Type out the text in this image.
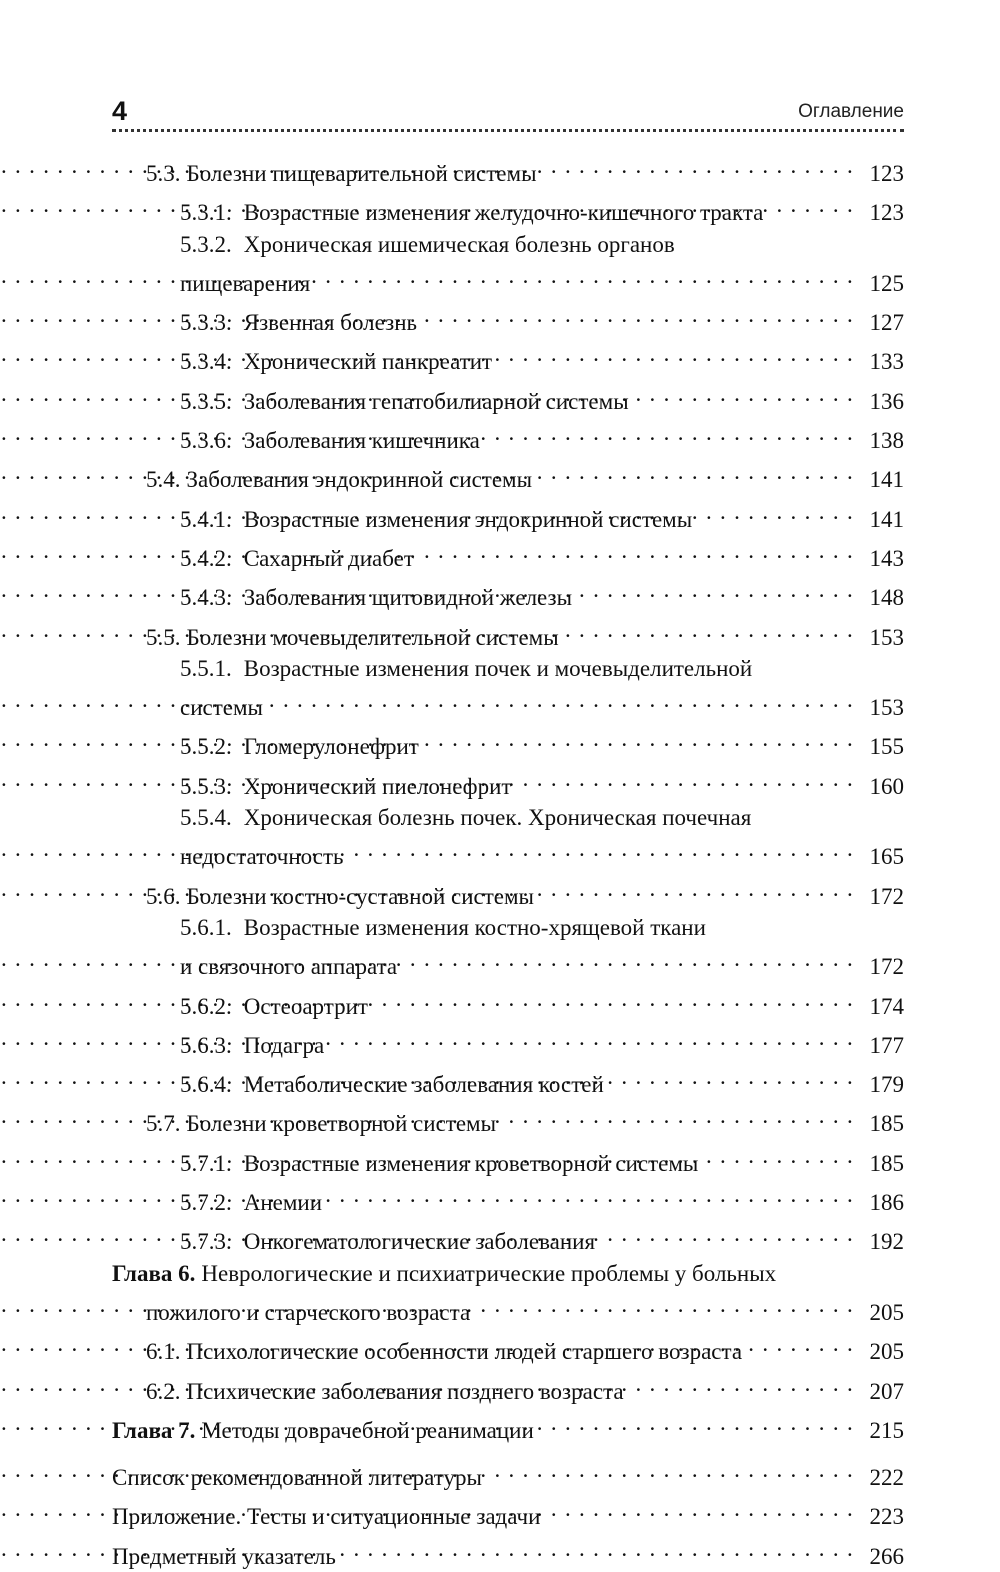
4	Оглавление
5.3. Болезни пищеварительной системы . . .	123
5.3.1. Возрастные изменения желудочно-кишечного тракта . . .	123
5.3.2. Хроническая ишемическая болезнь органов
пищеварения . . .	125
5.3.3. Язвенная болезнь . . .	127
5.3.4. Хронический панкреатит . . .	133
5.3.5. Заболевания гепатобилиарной системы . . .	136
5.3.6. Заболевания кишечника . . .	138
5.4. Заболевания эндокринной системы . . .	141
5.4.1. Возрастные изменения эндокринной системы . . .	141
5.4.2. Сахарный диабет . . .	143
5.4.3. Заболевания щитовидной железы . . .	148
5.5. Болезни мочевыделительной системы . . .	153
5.5.1. Возрастные изменения почек и мочевыделительной
системы . . .	153
5.5.2. Гломерулонефрит . . .	155
5.5.3. Хронический пиелонефрит . . .	160
5.5.4. Хроническая болезнь почек. Хроническая почечная
недостаточность . . .	165
5.6. Болезни костно-суставной системы . . .	172
5.6.1. Возрастные изменения костно-хрящевой ткани
и связочного аппарата . . .	172
5.6.2. Остеоартрит . . .	174
5.6.3. Подагра . . .	177
5.6.4. Метаболические заболевания костей . . .	179
5.7. Болезни кроветворной системы . . .	185
5.7.1. Возрастные изменения кроветворной системы . . .	185
5.7.2. Анемии . . .	186
5.7.3. Онкогематологические заболевания . . .	192
Глава 6. Неврологические и психиатрические проблемы у больных
пожилого и старческого возраста . . .	205
6.1. Психологические особенности людей старшего возраста . . .	205
6.2. Психические заболевания позднего возраста . . .	207
Глава 7. Методы доврачебной реанимации . . .	215
Список рекомендованной литературы . . .	222
Приложение. Тесты и ситуационные задачи . . .	223
Предметный указатель . . .	266
